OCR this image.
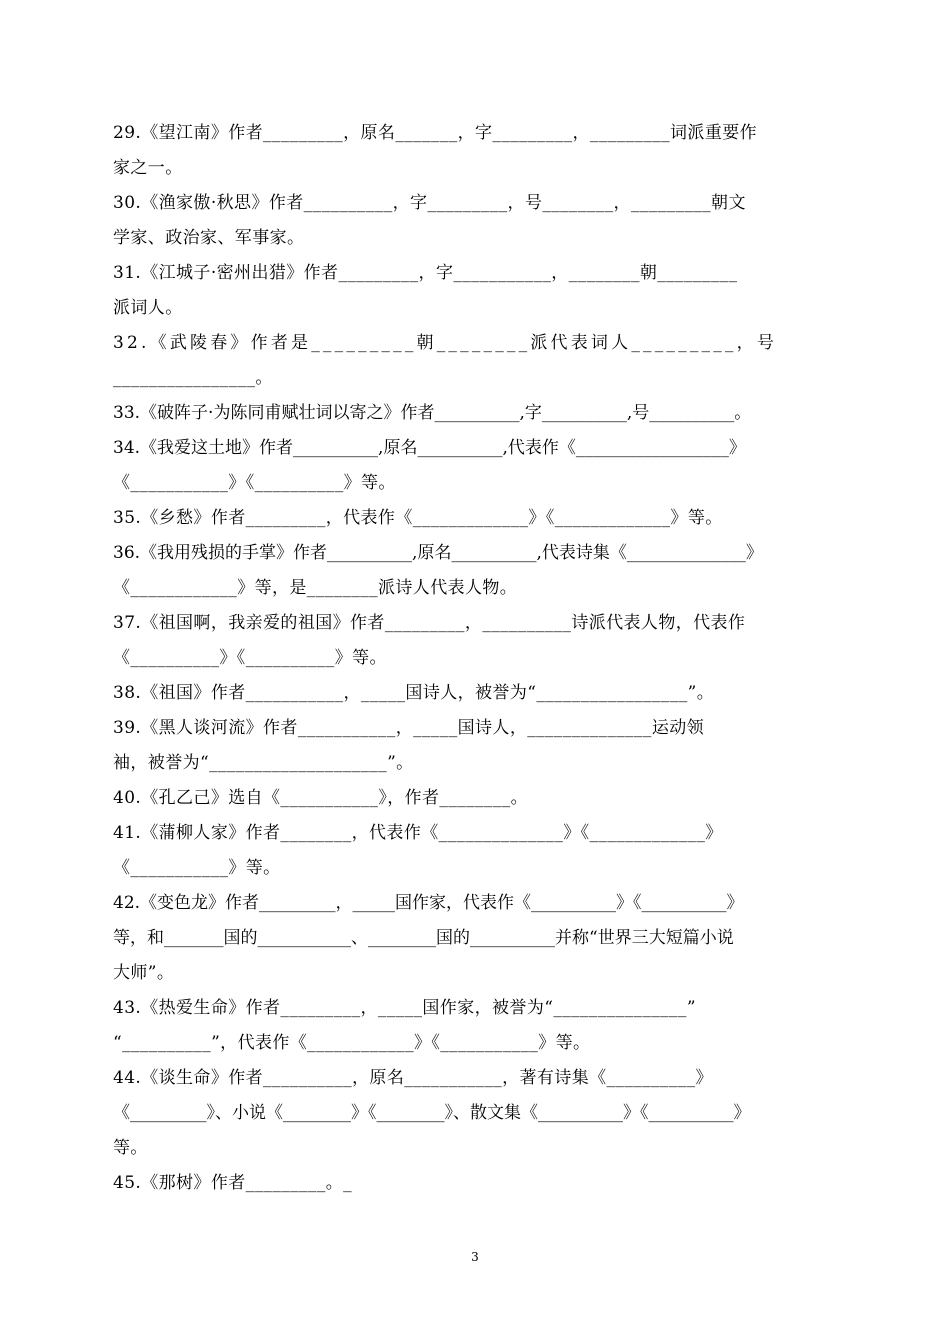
29.《望江南》作者_________，原名_______，字_________，_________词派重要作
家之一。
30.《渔家傲·秋思》作者__________，字_________，号________，_________朝文
学家、政治家、军事家。
31.《江城子·密州出猎》作者_________，字___________，________朝_________
派词人。
32.《武陵春》作者是_________朝________派代表词人_________，号
________________。
33.《破阵子·为陈同甫赋壮词以寄之》作者__________,字__________,号__________。
34.《我爱这土地》作者__________,原名__________,代表作《__________________》
《___________》《__________》等。
35.《乡愁》作者_________，代表作《_____________》《_____________》等。
36.《我用残损的手掌》作者__________,原名__________,代表诗集《______________》
《____________》等，是________派诗人代表人物。
37.《祖国啊，我亲爱的祖国》作者_________，__________诗派代表人物，代表作
《__________》《__________》等。
38.《祖国》作者___________，_____国诗人，被誉为“_________________”。
39.《黑人谈河流》作者___________，_____国诗人，______________运动领
袖，被誉为“____________________”。
40.《孔乙己》选自《___________》，作者________。
41.《蒲柳人家》作者________，代表作《______________》《_____________》
《___________》等。
42.《变色龙》作者_________，_____国作家，代表作《__________》《__________》
等，和_______国的___________、________国的__________并称“世界三大短篇小说
大师”。
43.《热爱生命》作者_________，_____国作家，被誉为“_______________”
“__________”，代表作《____________》《___________》等。
44.《谈生命》作者__________，原名___________，著有诗集《__________》
《_________》、小说《________》《________》、散文集《__________》《__________》
等。
45.《那树》作者_________。_
3
